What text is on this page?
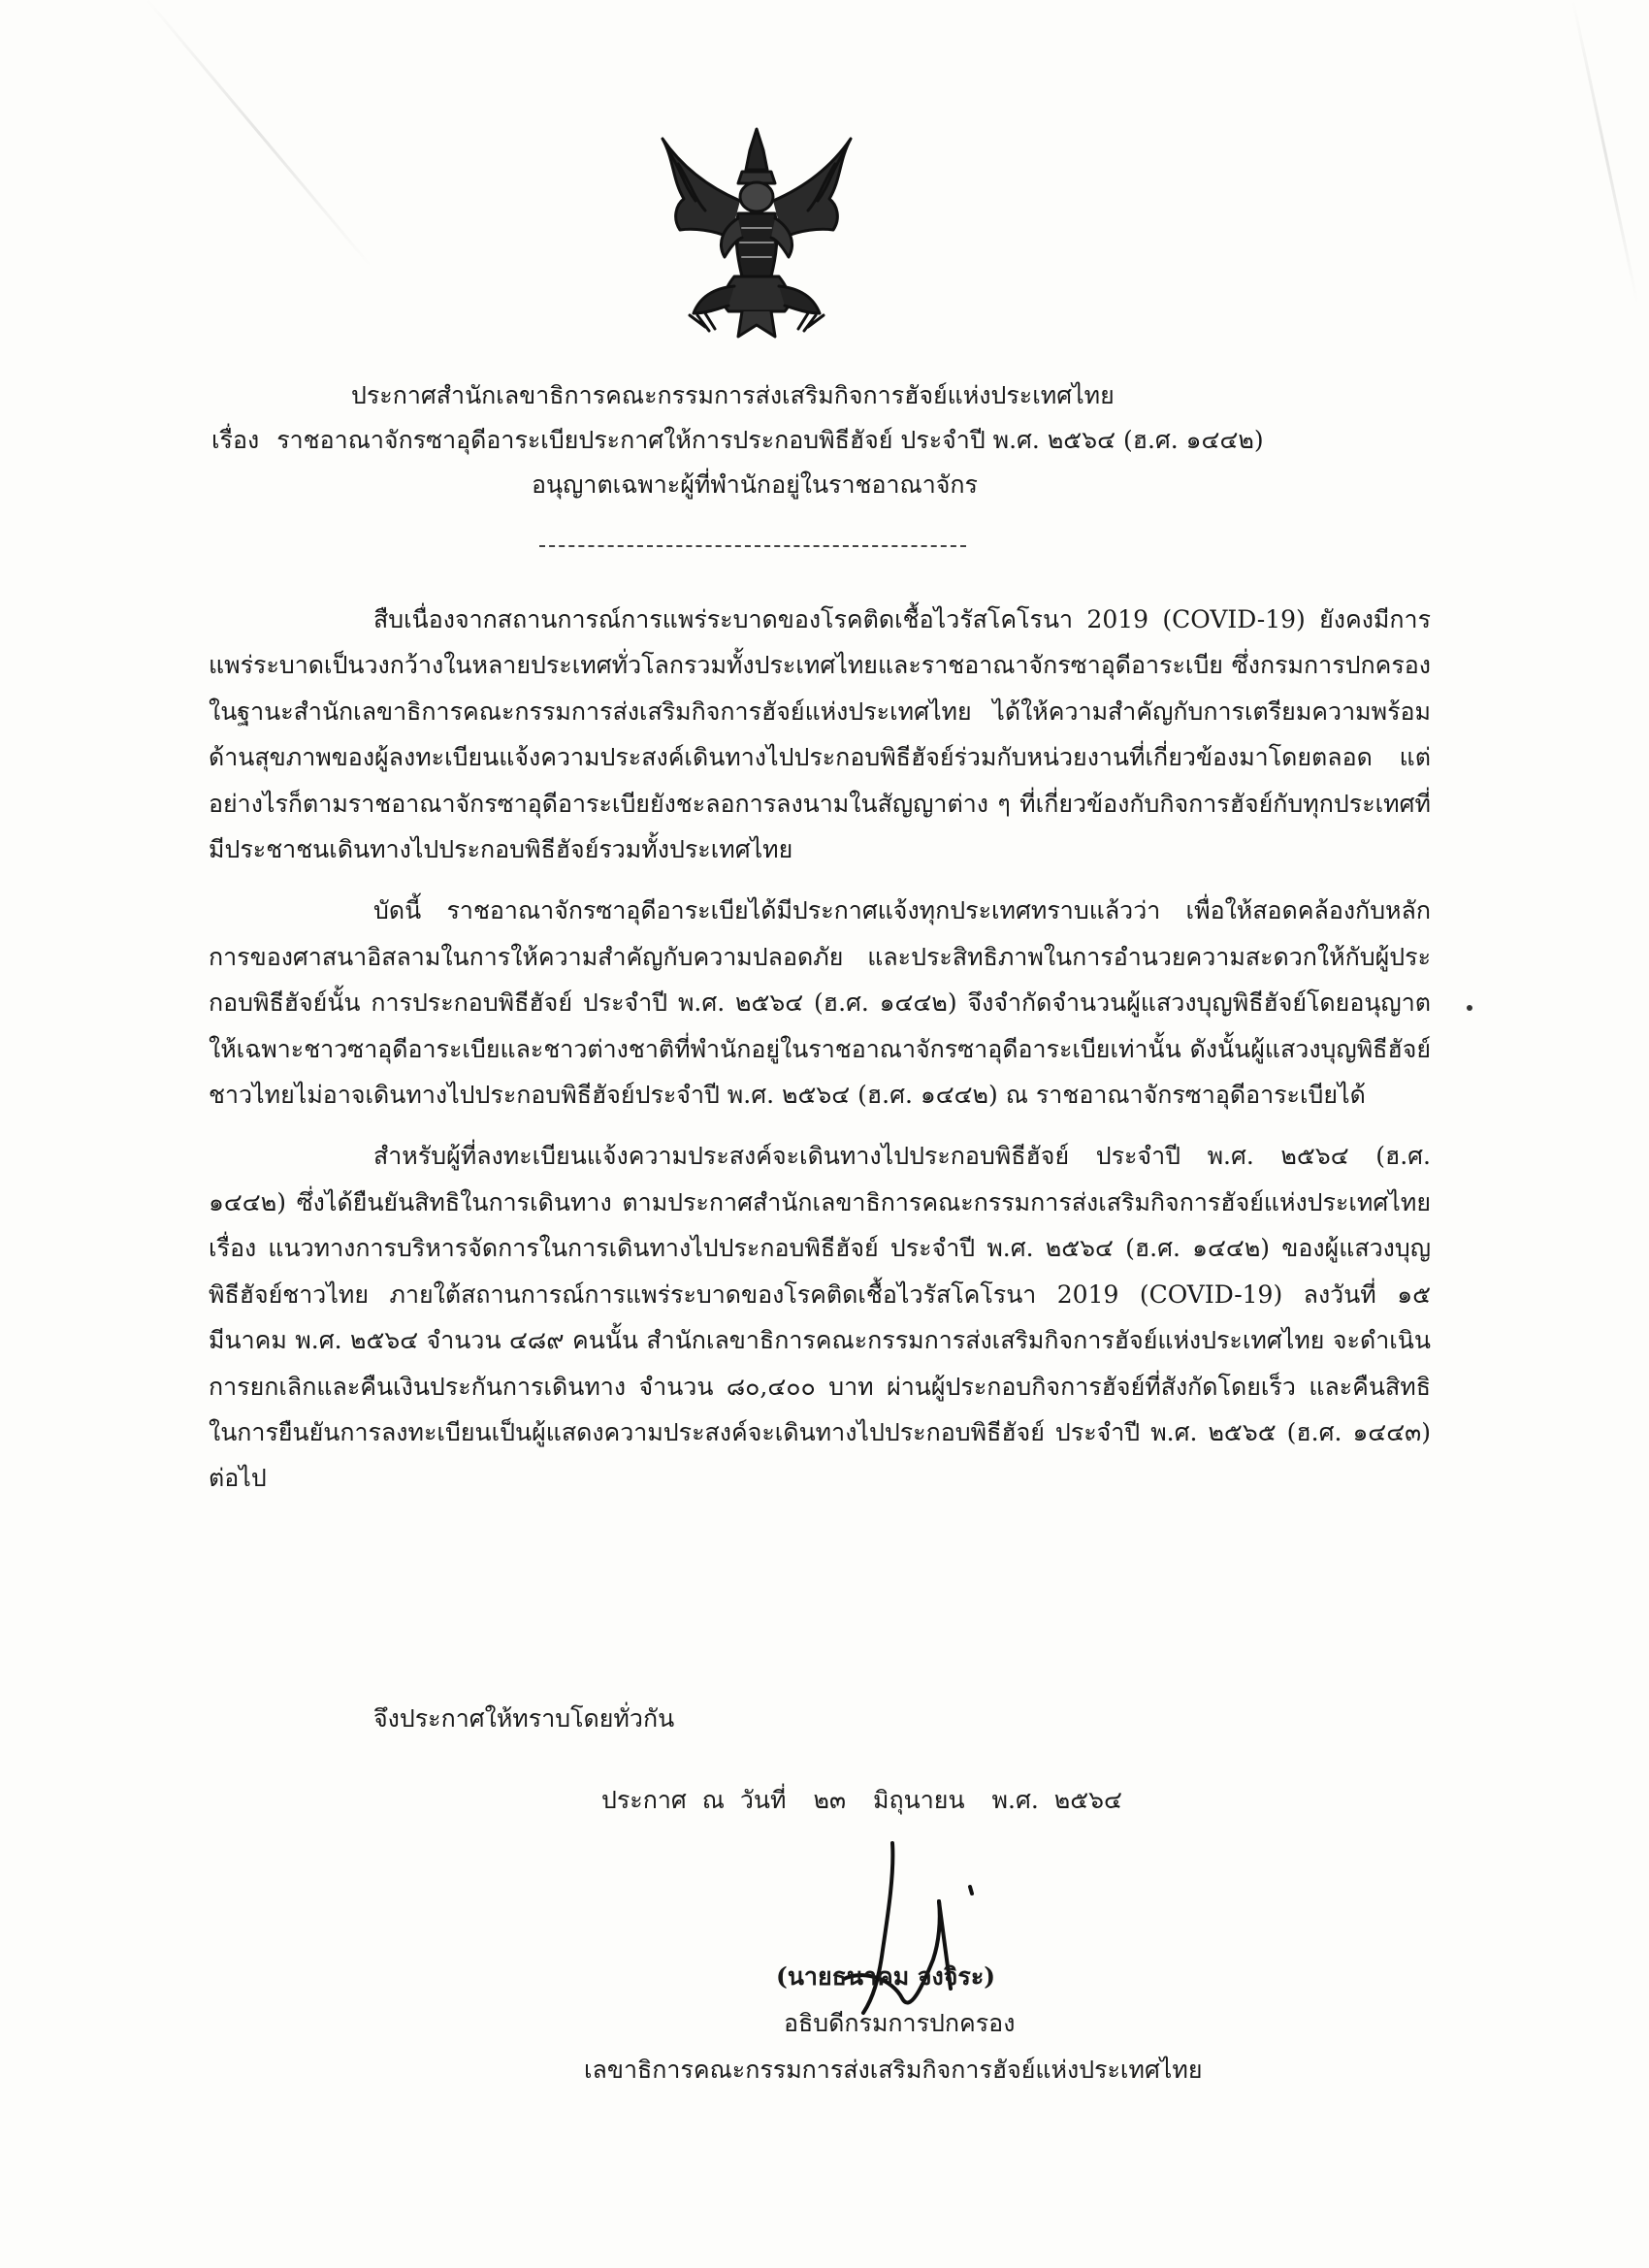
ประกาศสำนักเลขาธิการคณะกรรมการส่งเสริมกิจการฮัจย์แห่งประเทศไทย
เรื่อง ราชอาณาจักรซาอุดีอาระเบียประกาศให้การประกอบพิธีฮัจย์ ประจำปี พ.ศ. ๒๕๖๔ (ฮ.ศ. ๑๔๔๒)
อนุญาตเฉพาะผู้ที่พำนักอยู่ในราชอาณาจักร

สืบเนื่องจากสถานการณ์การแพร่ระบาดของโรคติดเชื้อไวรัสโคโรนา 2019 (COVID-19) ยังคงมีการแพร่ระบาดเป็นวงกว้างในหลายประเทศทั่วโลกรวมทั้งประเทศไทยและราชอาณาจักรซาอุดีอาระเบีย ซึ่งกรมการปกครองในฐานะสำนักเลขาธิการคณะกรรมการส่งเสริมกิจการฮัจย์แห่งประเทศไทย ได้ให้ความสำคัญกับการเตรียมความพร้อมด้านสุขภาพของผู้ลงทะเบียนแจ้งความประสงค์เดินทางไปประกอบพิธีฮัจย์ร่วมกับหน่วยงานที่เกี่ยวข้องมาโดยตลอด แต่อย่างไรก็ตามราชอาณาจักรซาอุดีอาระเบียยังชะลอการลงนามในสัญญาต่าง ๆ ที่เกี่ยวข้องกับกิจการฮัจย์กับทุกประเทศที่มีประชาชนเดินทางไปประกอบพิธีฮัจย์รวมทั้งประเทศไทย

บัดนี้ ราชอาณาจักรซาอุดีอาระเบียได้มีประกาศแจ้งทุกประเทศทราบแล้วว่า เพื่อให้สอดคล้องกับหลักการของศาสนาอิสลามในการให้ความสำคัญกับความปลอดภัย และประสิทธิภาพในการอำนวยความสะดวกให้กับผู้ประกอบพิธีฮัจย์นั้น การประกอบพิธีฮัจย์ ประจำปี พ.ศ. ๒๕๖๔ (ฮ.ศ. ๑๔๔๒) จึงจำกัดจำนวนผู้แสวงบุญพิธีฮัจย์โดยอนุญาตให้เฉพาะชาวซาอุดีอาระเบียและชาวต่างชาติที่พำนักอยู่ในราชอาณาจักรซาอุดีอาระเบียเท่านั้น ดังนั้นผู้แสวงบุญพิธีฮัจย์ชาวไทยไม่อาจเดินทางไปประกอบพิธีฮัจย์ประจำปี พ.ศ. ๒๕๖๔ (ฮ.ศ. ๑๔๔๒) ณ ราชอาณาจักรซาอุดีอาระเบียได้

สำหรับผู้ที่ลงทะเบียนแจ้งความประสงค์จะเดินทางไปประกอบพิธีฮัจย์ ประจำปี พ.ศ. ๒๕๖๔ (ฮ.ศ. ๑๔๔๒) ซึ่งได้ยืนยันสิทธิในการเดินทาง ตามประกาศสำนักเลขาธิการคณะกรรมการส่งเสริมกิจการฮัจย์แห่งประเทศไทย เรื่อง แนวทางการบริหารจัดการในการเดินทางไปประกอบพิธีฮัจย์ ประจำปี พ.ศ. ๒๕๖๔ (ฮ.ศ. ๑๔๔๒) ของผู้แสวงบุญพิธีฮัจย์ชาวไทย ภายใต้สถานการณ์การแพร่ระบาดของโรคติดเชื้อไวรัสโคโรนา 2019 (COVID-19) ลงวันที่ ๑๕ มีนาคม พ.ศ. ๒๕๖๔ จำนวน ๔๘๙ คนนั้น สำนักเลขาธิการคณะกรรมการส่งเสริมกิจการฮัจย์แห่งประเทศไทย จะดำเนินการยกเลิกและคืนเงินประกันการเดินทาง จำนวน ๘๐,๔๐๐ บาท ผ่านผู้ประกอบกิจการฮัจย์ที่สังกัดโดยเร็ว และคืนสิทธิในการยืนยันการลงทะเบียนเป็นผู้แสดงความประสงค์จะเดินทางไปประกอบพิธีฮัจย์ ประจำปี พ.ศ. ๒๕๖๕ (ฮ.ศ. ๑๔๔๓) ต่อไป

จึงประกาศให้ทราบโดยทั่วกัน
ประกาศ ณ วันที่ ๒๓ มิถุนายน พ.ศ. ๒๕๖๔
(นายธนาคม จงจิระ)
อธิบดีกรมการปกครอง
เลขาธิการคณะกรรมการส่งเสริมกิจการฮัจย์แห่งประเทศไทย
